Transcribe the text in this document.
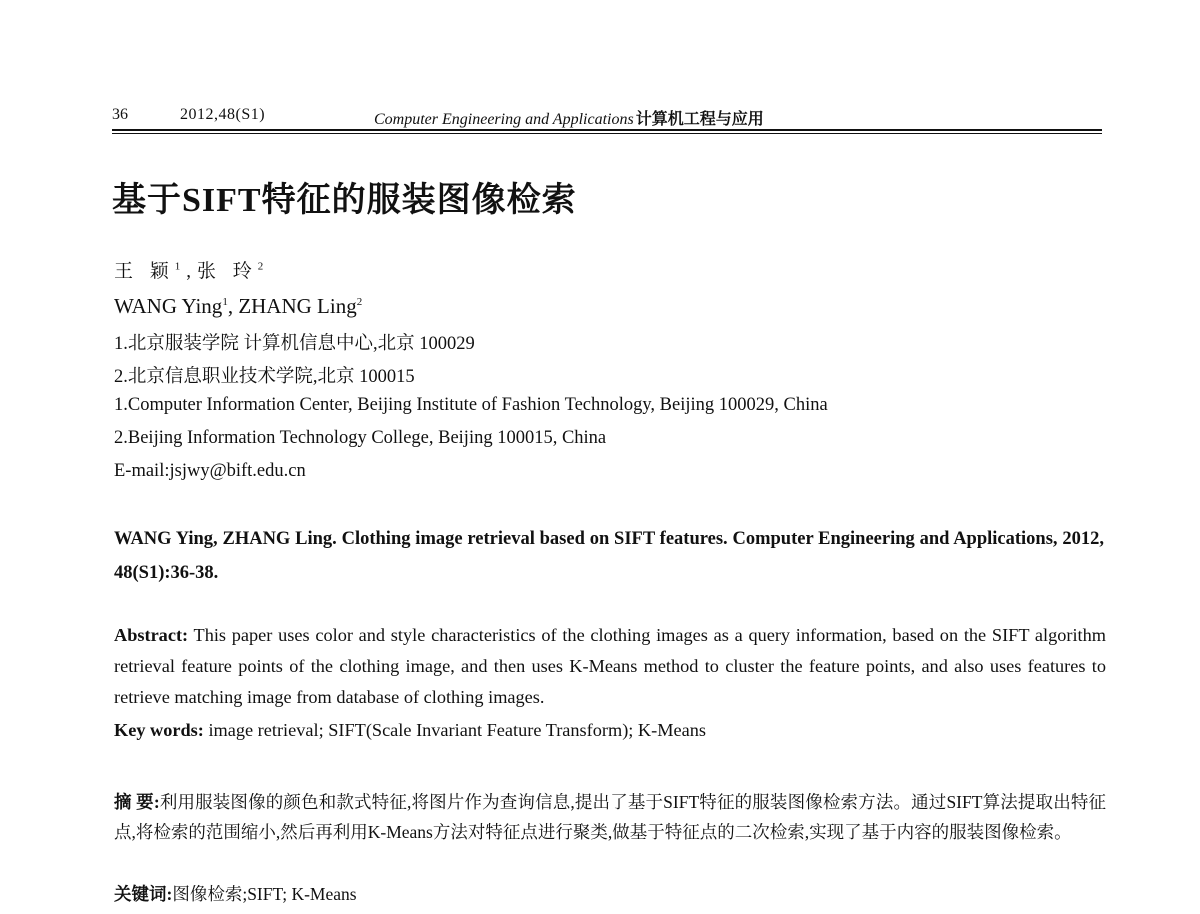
36	2012,48(S1)	Computer Engineering and Applications 计算机工程与应用
基于SIFT特征的服装图像检索
王 颖$^1$,张 玲$^2$
WANG Ying$^1$, ZHANG Ling$^2$
1.北京服装学院 计算机信息中心,北京 100029
2.北京信息职业技术学院,北京 100015
1.Computer Information Center, Beijing Institute of Fashion Technology, Beijing 100029, China
2.Beijing Information Technology College, Beijing 100015, China
E-mail:jsjwy@bift.edu.cn
WANG Ying, ZHANG Ling. Clothing image retrieval based on SIFT features. Computer Engineering and Applications, 2012, 48(S1):36-38.
Abstract: This paper uses color and style characteristics of the clothing images as a query information, based on the SIFT algorithm retrieval feature points of the clothing image, and then uses K-Means method to cluster the feature points, and also uses features to retrieve matching image from database of clothing images.
Key words: image retrieval; SIFT(Scale Invariant Feature Transform); K-Means
摘 要:利用服装图像的颜色和款式特征,将图片作为查询信息,提出了基于SIFT特征的服装图像检索方法。通过SIFT算法提取出特征点,将检索的范围缩小,然后再利用K-Means方法对特征点进行聚类,做基于特征点的二次检索,实现了基于内容的服装图像检索。
关键词:图像检索;SIFT; K-Means
